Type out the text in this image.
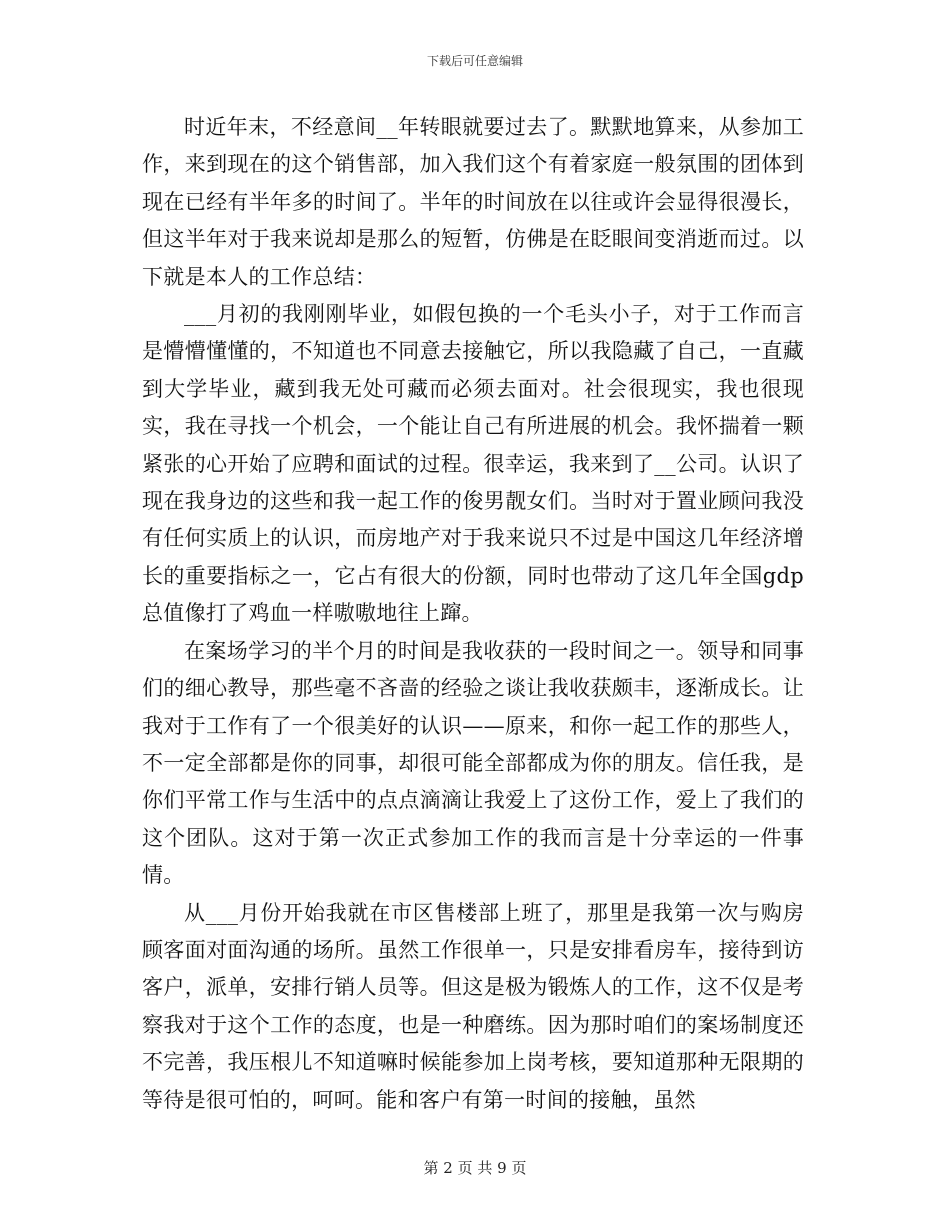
下载后可任意编辑

时近年末，不经意间__年转眼就要过去了。默默地算来，从参加工作，来到现在的这个销售部，加入我们这个有着家庭一般氛围的团体到现在已经有半年多的时间了。半年的时间放在以往或许会显得很漫长，但这半年对于我来说却是那么的短暂，仿佛是在眨眼间变消逝而过。以下就是本人的工作总结：

___月初的我刚刚毕业，如假包换的一个毛头小子，对于工作而言是懵懵懂懂的，不知道也不同意去接触它，所以我隐藏了自己，一直藏到大学毕业，藏到我无处可藏而必须去面对。社会很现实，我也很现实，我在寻找一个机会，一个能让自己有所进展的机会。我怀揣着一颗紧张的心开始了应聘和面试的过程。很幸运，我来到了__公司。认识了现在我身边的这些和我一起工作的俊男靓女们。当时对于置业顾问我没有任何实质上的认识，而房地产对于我来说只不过是中国这几年经济增长的重要指标之一，它占有很大的份额，同时也带动了这几年全国gdp总值像打了鸡血一样嗷嗷地往上蹿。

在案场学习的半个月的时间是我收获的一段时间之一。领导和同事们的细心教导，那些毫不吝啬的经验之谈让我收获颇丰，逐渐成长。让我对于工作有了一个很美好的认识——原来，和你一起工作的那些人，不一定全部都是你的同事，却很可能全部都成为你的朋友。信任我，是你们平常工作与生活中的点点滴滴让我爱上了这份工作，爱上了我们的这个团队。这对于第一次正式参加工作的我而言是十分幸运的一件事情。

从___月份开始我就在市区售楼部上班了，那里是我第一次与购房顾客面对面沟通的场所。虽然工作很单一，只是安排看房车，接待到访客户，派单，安排行销人员等。但这是极为锻炼人的工作，这不仅是考察我对于这个工作的态度，也是一种磨练。因为那时咱们的案场制度还不完善，我压根儿不知道嘛时候能参加上岗考核，要知道那种无限期的等待是很可怕的，呵呵。能和客户有第一时间的接触，虽然

第 2 页 共 9 页
